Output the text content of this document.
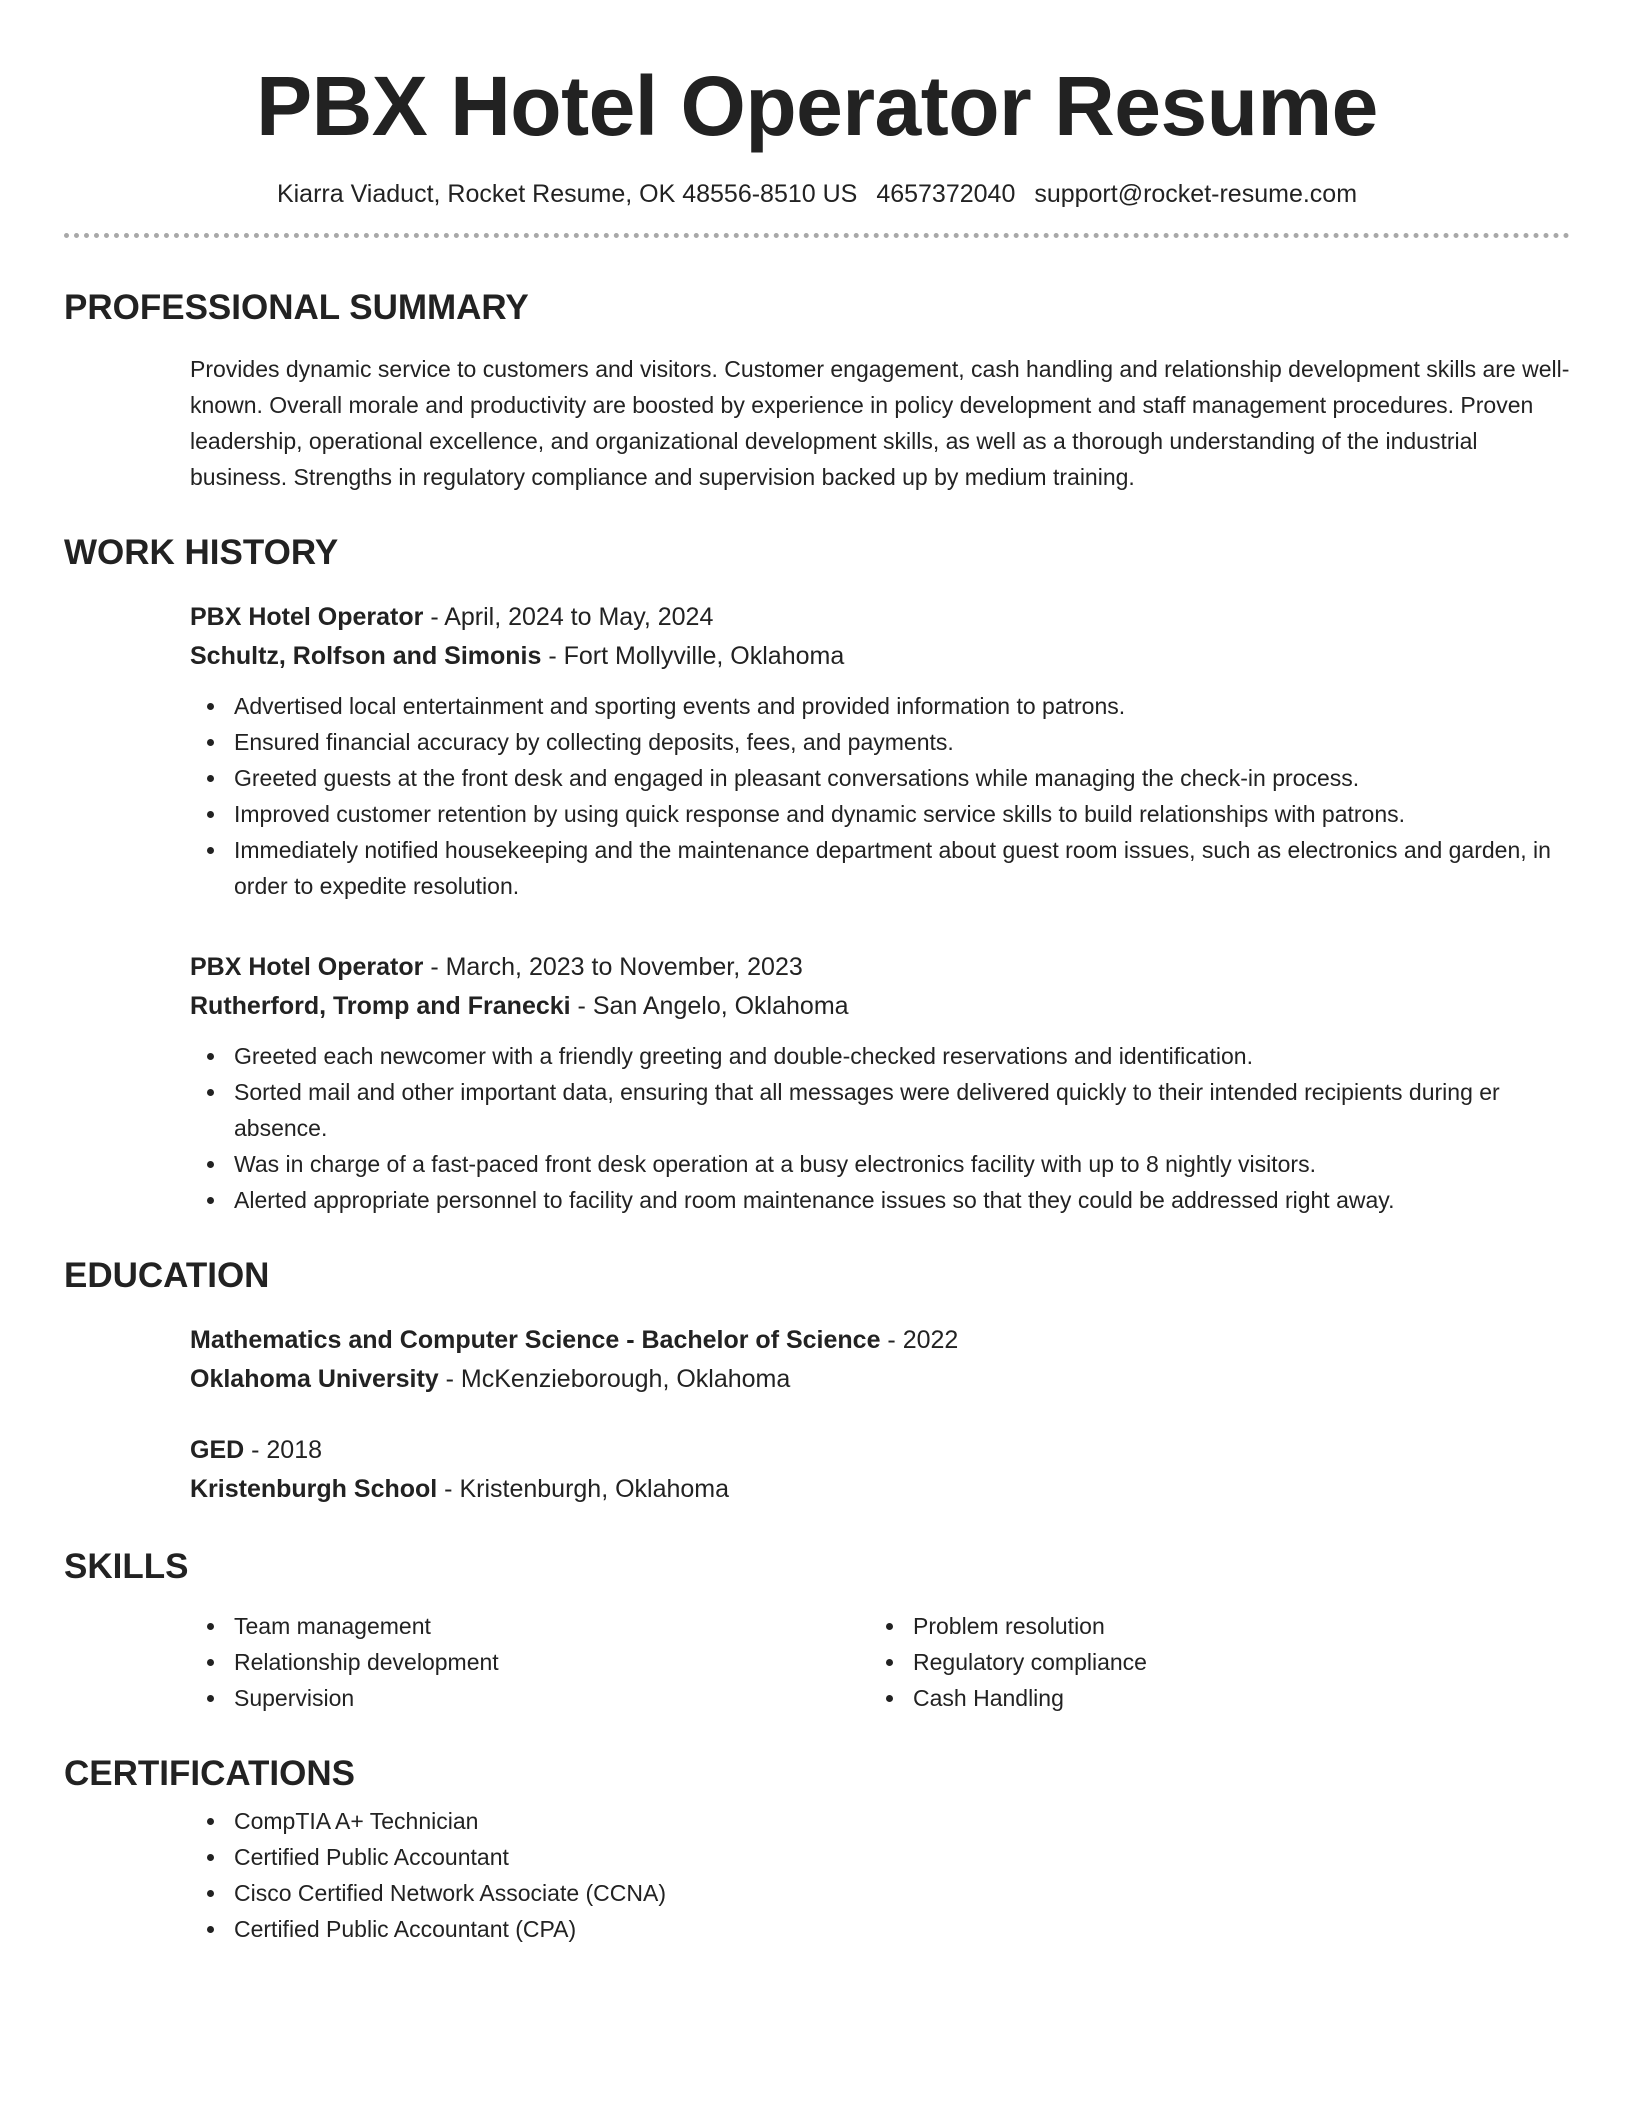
PBX Hotel Operator Resume
Kiarra Viaduct, Rocket Resume, OK 48556-8510 US 4657372040 support@rocket-resume.com
PROFESSIONAL SUMMARY

Provides dynamic service to customers and visitors. Customer engagement, cash handling and relationship development skills are well-known. Overall morale and productivity are boosted by experience in policy development and staff management procedures. Proven leadership, operational excellence, and organizational development skills, as well as a thorough understanding of the industrial business. Strengths in regulatory compliance and supervision backed up by medium training.

WORK HISTORY
PBX Hotel Operator - April, 2024 to May, 2024
Schultz, Rolfson and Simonis - Fort Mollyville, Oklahoma
Advertised local entertainment and sporting events and provided information to patrons.
Ensured financial accuracy by collecting deposits, fees, and payments.
Greeted guests at the front desk and engaged in pleasant conversations while managing the check-in process.
Improved customer retention by using quick response and dynamic service skills to build relationships with patrons.
Immediately notified housekeeping and the maintenance department about guest room issues, such as electronics and garden, in order to expedite resolution.
PBX Hotel Operator - March, 2023 to November, 2023
Rutherford, Tromp and Franecki - San Angelo, Oklahoma
Greeted each newcomer with a friendly greeting and double-checked reservations and identification.
Sorted mail and other important data, ensuring that all messages were delivered quickly to their intended recipients during er absence.
Was in charge of a fast-paced front desk operation at a busy electronics facility with up to 8 nightly visitors.
Alerted appropriate personnel to facility and room maintenance issues so that they could be addressed right away.
EDUCATION
Mathematics and Computer Science - Bachelor of Science - 2022
Oklahoma University - McKenzieborough, Oklahoma
GED - 2018
Kristenburgh School - Kristenburgh, Oklahoma
SKILLS
Team management
Relationship development
Supervision
Problem resolution
Regulatory compliance
Cash Handling
CERTIFICATIONS
CompTIA A+ Technician
Certified Public Accountant
Cisco Certified Network Associate (CCNA)
Certified Public Accountant (CPA)
